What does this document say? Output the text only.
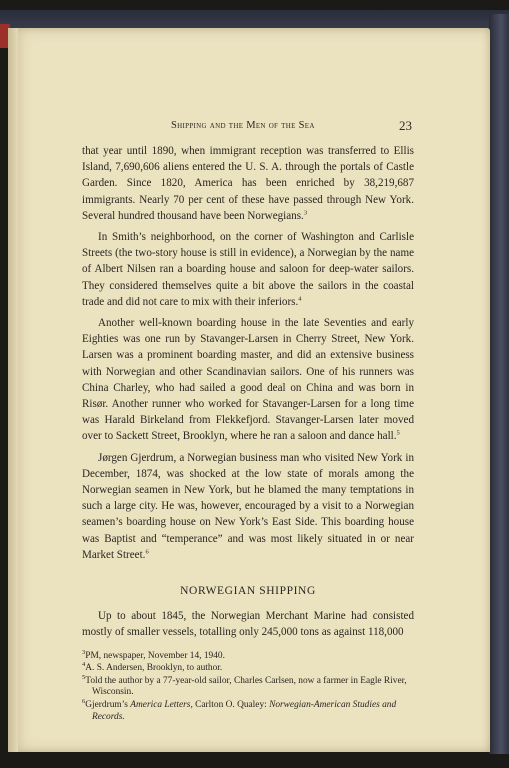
Shipping and the Men of the Sea	23

that year until 1890, when immigrant reception was transferred to Ellis Island, 7,690,606 aliens entered the U. S. A. through the portals of Castle Garden. Since 1820, America has been enriched by 38,219,687 immigrants. Nearly 70 per cent of these have passed through New York. Several hundred thousand have been Norwegians.$^3$

In Smith’s neighborhood, on the corner of Washington and Carlisle Streets (the two-story house is still in evidence), a Norwegian by the name of Albert Nilsen ran a boarding house and saloon for deep-water sailors. They considered themselves quite a bit above the sailors in the coastal trade and did not care to mix with their inferiors.$^4$

Another well-known boarding house in the late Seventies and early Eighties was one run by Stavanger-Larsen in Cherry Street, New York. Larsen was a prominent boarding master, and did an extensive business with Norwegian and other Scandinavian sailors. One of his runners was China Charley, who had sailed a good deal on China and was born in Risør. Another runner who worked for Stavanger-Larsen for a long time was Harald Birkeland from Flekkefjord. Stavanger-Larsen later moved over to Sackett Street, Brooklyn, where he ran a saloon and dance hall.$^5$

Jørgen Gjerdrum, a Norwegian business man who visited New York in December, 1874, was shocked at the low state of morals among the Norwegian seamen in New York, but he blamed the many temptations in such a large city. He was, however, encouraged by a visit to a Norwegian seamen’s boarding house on New York’s East Side. This boarding house was Baptist and “temperance” and was most likely situated in or near Market Street.$^6$

NORWEGIAN SHIPPING

Up to about 1845, the Norwegian Merchant Marine had consisted mostly of smaller vessels, totalling only 245,000 tons as against 118,000

$^3$PM, newspaper, November 14, 1940.

$^4$A. S. Andersen, Brooklyn, to author.

$^5$Told the author by a 77-year-old sailor, Charles Carlsen, now a farmer in Eagle River, Wisconsin.

$^6$Gjerdrum’s America Letters, Carlton O. Qualey: Norwegian-American Studies and Records.
